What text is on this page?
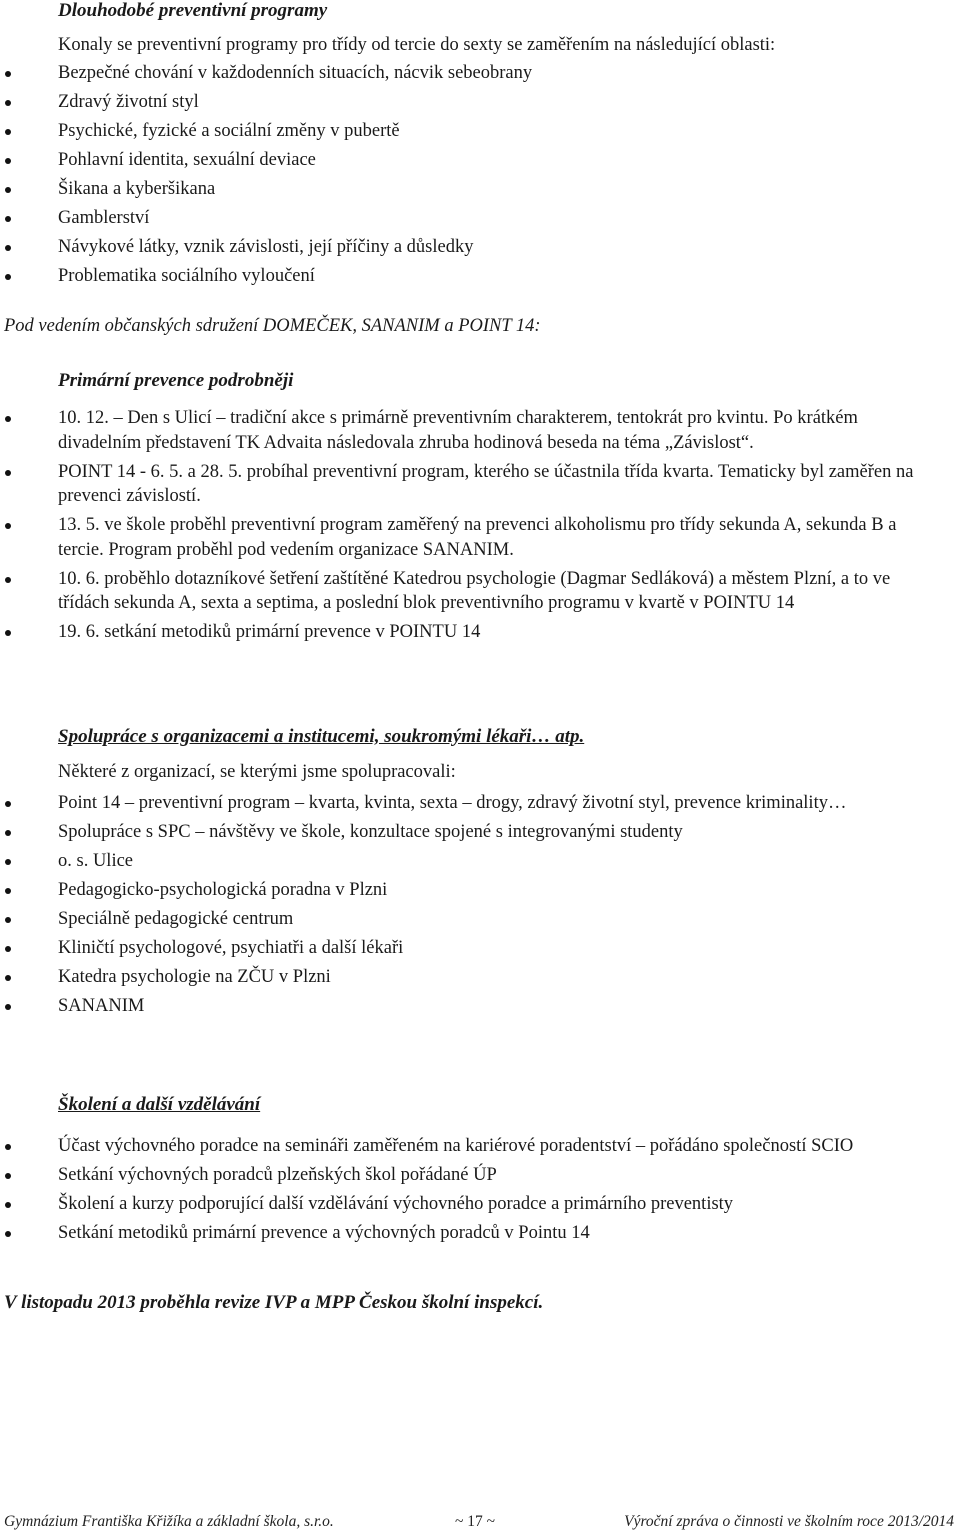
Dlouhodobé preventivní programy
Konaly se preventivní programy pro třídy od tercie do sexty se zaměřením na následující oblasti:
Bezpečné chování v každodenních situacích, nácvik sebeobrany
Zdravý životní styl
Psychické, fyzické a sociální změny v pubertě
Pohlavní identita, sexuální deviace
Šikana a kyberšikana
Gamblerství
Návykové látky, vznik závislosti, její příčiny a důsledky
Problematika sociálního vyloučení
Pod vedením občanských sdružení DOMEČEK, SANANIM a POINT 14:
Primární prevence podrobněji
10. 12. – Den s Ulicí – tradiční akce s primárně preventivním charakterem, tentokrát pro kvintu. Po krátkém divadelním představení TK Advaita následovala zhruba hodinová beseda na téma „Závislost“.
POINT 14 - 6. 5. a 28. 5. probíhal preventivní program, kterého se účastnila třída kvarta. Tematicky byl zaměřen na prevenci závislostí.
13. 5. ve škole proběhl preventivní program zaměřený na prevenci alkoholismu pro třídy sekunda A, sekunda B a tercie. Program proběhl pod vedením organizace SANANIM.
10. 6. proběhlo dotazníkové šetření zaštítěné Katedrou psychologie (Dagmar Sedláková) a městem Plzní, a to ve třídách sekunda A, sexta a septima, a poslední blok preventivního programu v kvartě v POINTU 14
19. 6. setkání metodiků primární prevence v POINTU 14
Spolupráce s organizacemi a institucemi, soukromými lékaři… atp.
Některé z organizací, se kterými jsme spolupracovali:
Point 14 – preventivní program – kvarta, kvinta, sexta – drogy, zdravý životní styl, prevence kriminality…
Spolupráce s SPC – návštěvy ve škole, konzultace spojené s integrovanými studenty
o. s. Ulice
Pedagogicko-psychologická poradna v Plzni
Speciálně pedagogické centrum
Kliničtí psychologové, psychiatři a další lékaři
Katedra psychologie na ZČU v Plzni
SANANIM
Školení a další vzdělávání
Účast výchovného poradce na semináři zaměřeném na kariérové poradentství – pořádáno společností SCIO
Setkání výchovných poradců plzeňských škol pořádané ÚP
Školení a kurzy podporující další vzdělávání výchovného poradce a primárního preventisty
Setkání metodiků primární prevence a výchovných poradců v Pointu 14
V listopadu 2013 proběhla revize IVP a MPP Českou školní inspekcí.
Gymnázium Františka Křižíka a základní škola, s.r.o.	~ 17 ~	Výroční zpráva o činnosti ve školním roce 2013/2014
